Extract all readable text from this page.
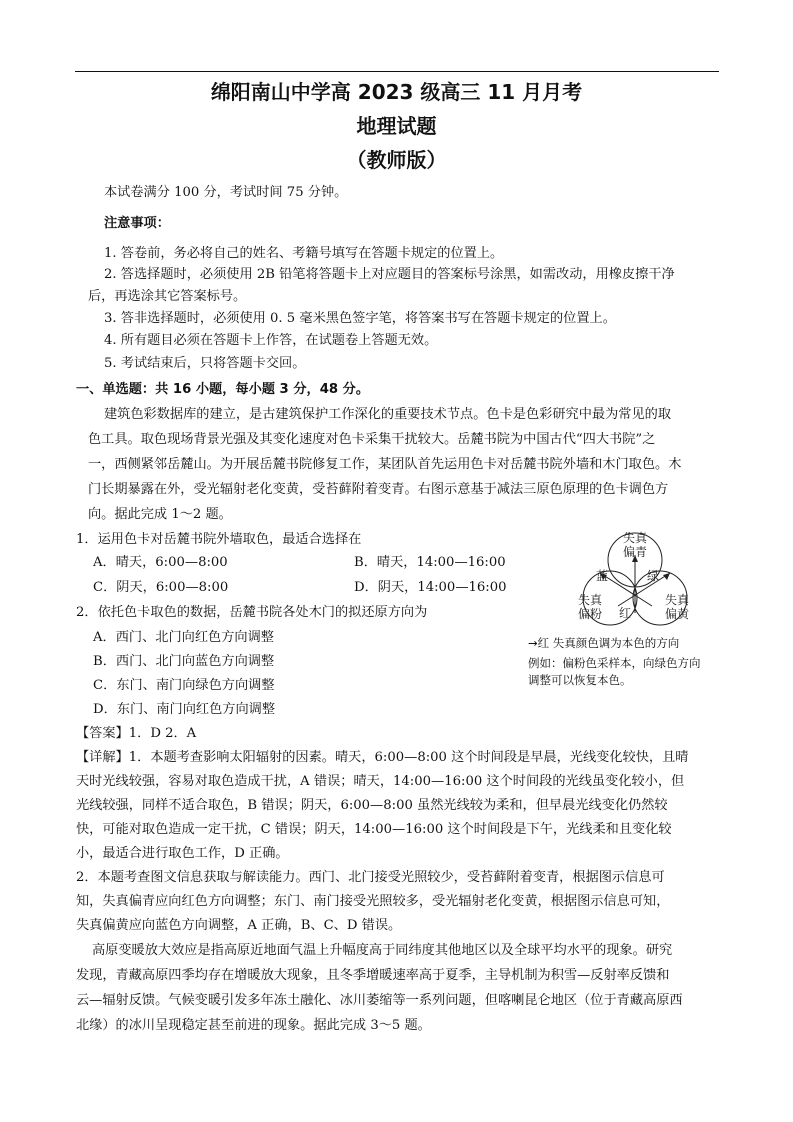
绵阳南山中学高 2023 级高三 11 月月考
地理试题
（教师版）
本试卷满分 100 分，考试时间 75 分钟。
注意事项：
1. 答卷前，务必将自己的姓名、考籍号填写在答题卡规定的位置上。
2. 答选择题时，必须使用 2B 铅笔将答题卡上对应题目的答案标号涂黑，如需改动，用橡皮擦干净
后，再选涂其它答案标号。
3. 答非选择题时，必须使用 0. 5 毫米黑色签字笔，将答案书写在答题卡规定的位置上。
4. 所有题目必须在答题卡上作答，在试题卷上答题无效。
5. 考试结束后，只将答题卡交回。
一、单选题：共 16 小题，每小题 3 分，48 分。
建筑色彩数据库的建立，是古建筑保护工作深化的重要技术节点。色卡是色彩研究中最为常见的取
色工具。取色现场背景光强及其变化速度对色卡采集干扰较大。岳麓书院为中国古代“四大书院”之
一，西侧紧邻岳麓山。为开展岳麓书院修复工作，某团队首先运用色卡对岳麓书院外墙和木门取色。木
门长期暴露在外，受光辐射老化变黄，受苔藓附着变青。右图示意基于减法三原色原理的色卡调色方
向。据此完成 1～2 题。
1．运用色卡对岳麓书院外墙取色，最适合选择在
A．晴天，6:00—8:00	B．晴天，14:00—16:00
C．阴天，6:00—8:00	D．阴天，14:00—16:00
2．依托色卡取色的数据，岳麓书院各处木门的拟还原方向为
A．西门、北门向红色方向调整
B．西门、北门向蓝色方向调整
C．东门、南门向绿色方向调整
D．东门、南门向红色方向调整
失真
偏青
蓝	绿
红
失真
偏粉
失真
偏黄
→红 失真颜色调为本色的方向
例如：偏粉色采样本，向绿色方向
调整可以恢复本色。
【答案】1．D 2．A
【详解】1．本题考查影响太阳辐射的因素。晴天，6:00—8:00 这个时间段是早晨，光线变化较快，且晴
天时光线较强，容易对取色造成干扰，A 错误；晴天，14:00—16:00 这个时间段的光线虽变化较小，但
光线较强，同样不适合取色，B 错误；阴天，6:00—8:00 虽然光线较为柔和，但早晨光线变化仍然较
快，可能对取色造成一定干扰，C 错误；阴天，14:00—16:00 这个时间段是下午，光线柔和且变化较
小，最适合进行取色工作，D 正确。
2．本题考查图文信息获取与解读能力。西门、北门接受光照较少，受苔藓附着变青，根据图示信息可
知，失真偏青应向红色方向调整；东门、南门接受光照较多，受光辐射老化变黄，根据图示信息可知，
失真偏黄应向蓝色方向调整，A 正确，B、C、D 错误。
高原变暖放大效应是指高原近地面气温上升幅度高于同纬度其他地区以及全球平均水平的现象。研究
发现，青藏高原四季均存在增暖放大现象，且冬季增暖速率高于夏季，主导机制为积雪—反射率反馈和
云—辐射反馈。气候变暖引发多年冻土融化、冰川萎缩等一系列问题，但喀喇昆仑地区（位于青藏高原西
北缘）的冰川呈现稳定甚至前进的现象。据此完成 3～5 题。
